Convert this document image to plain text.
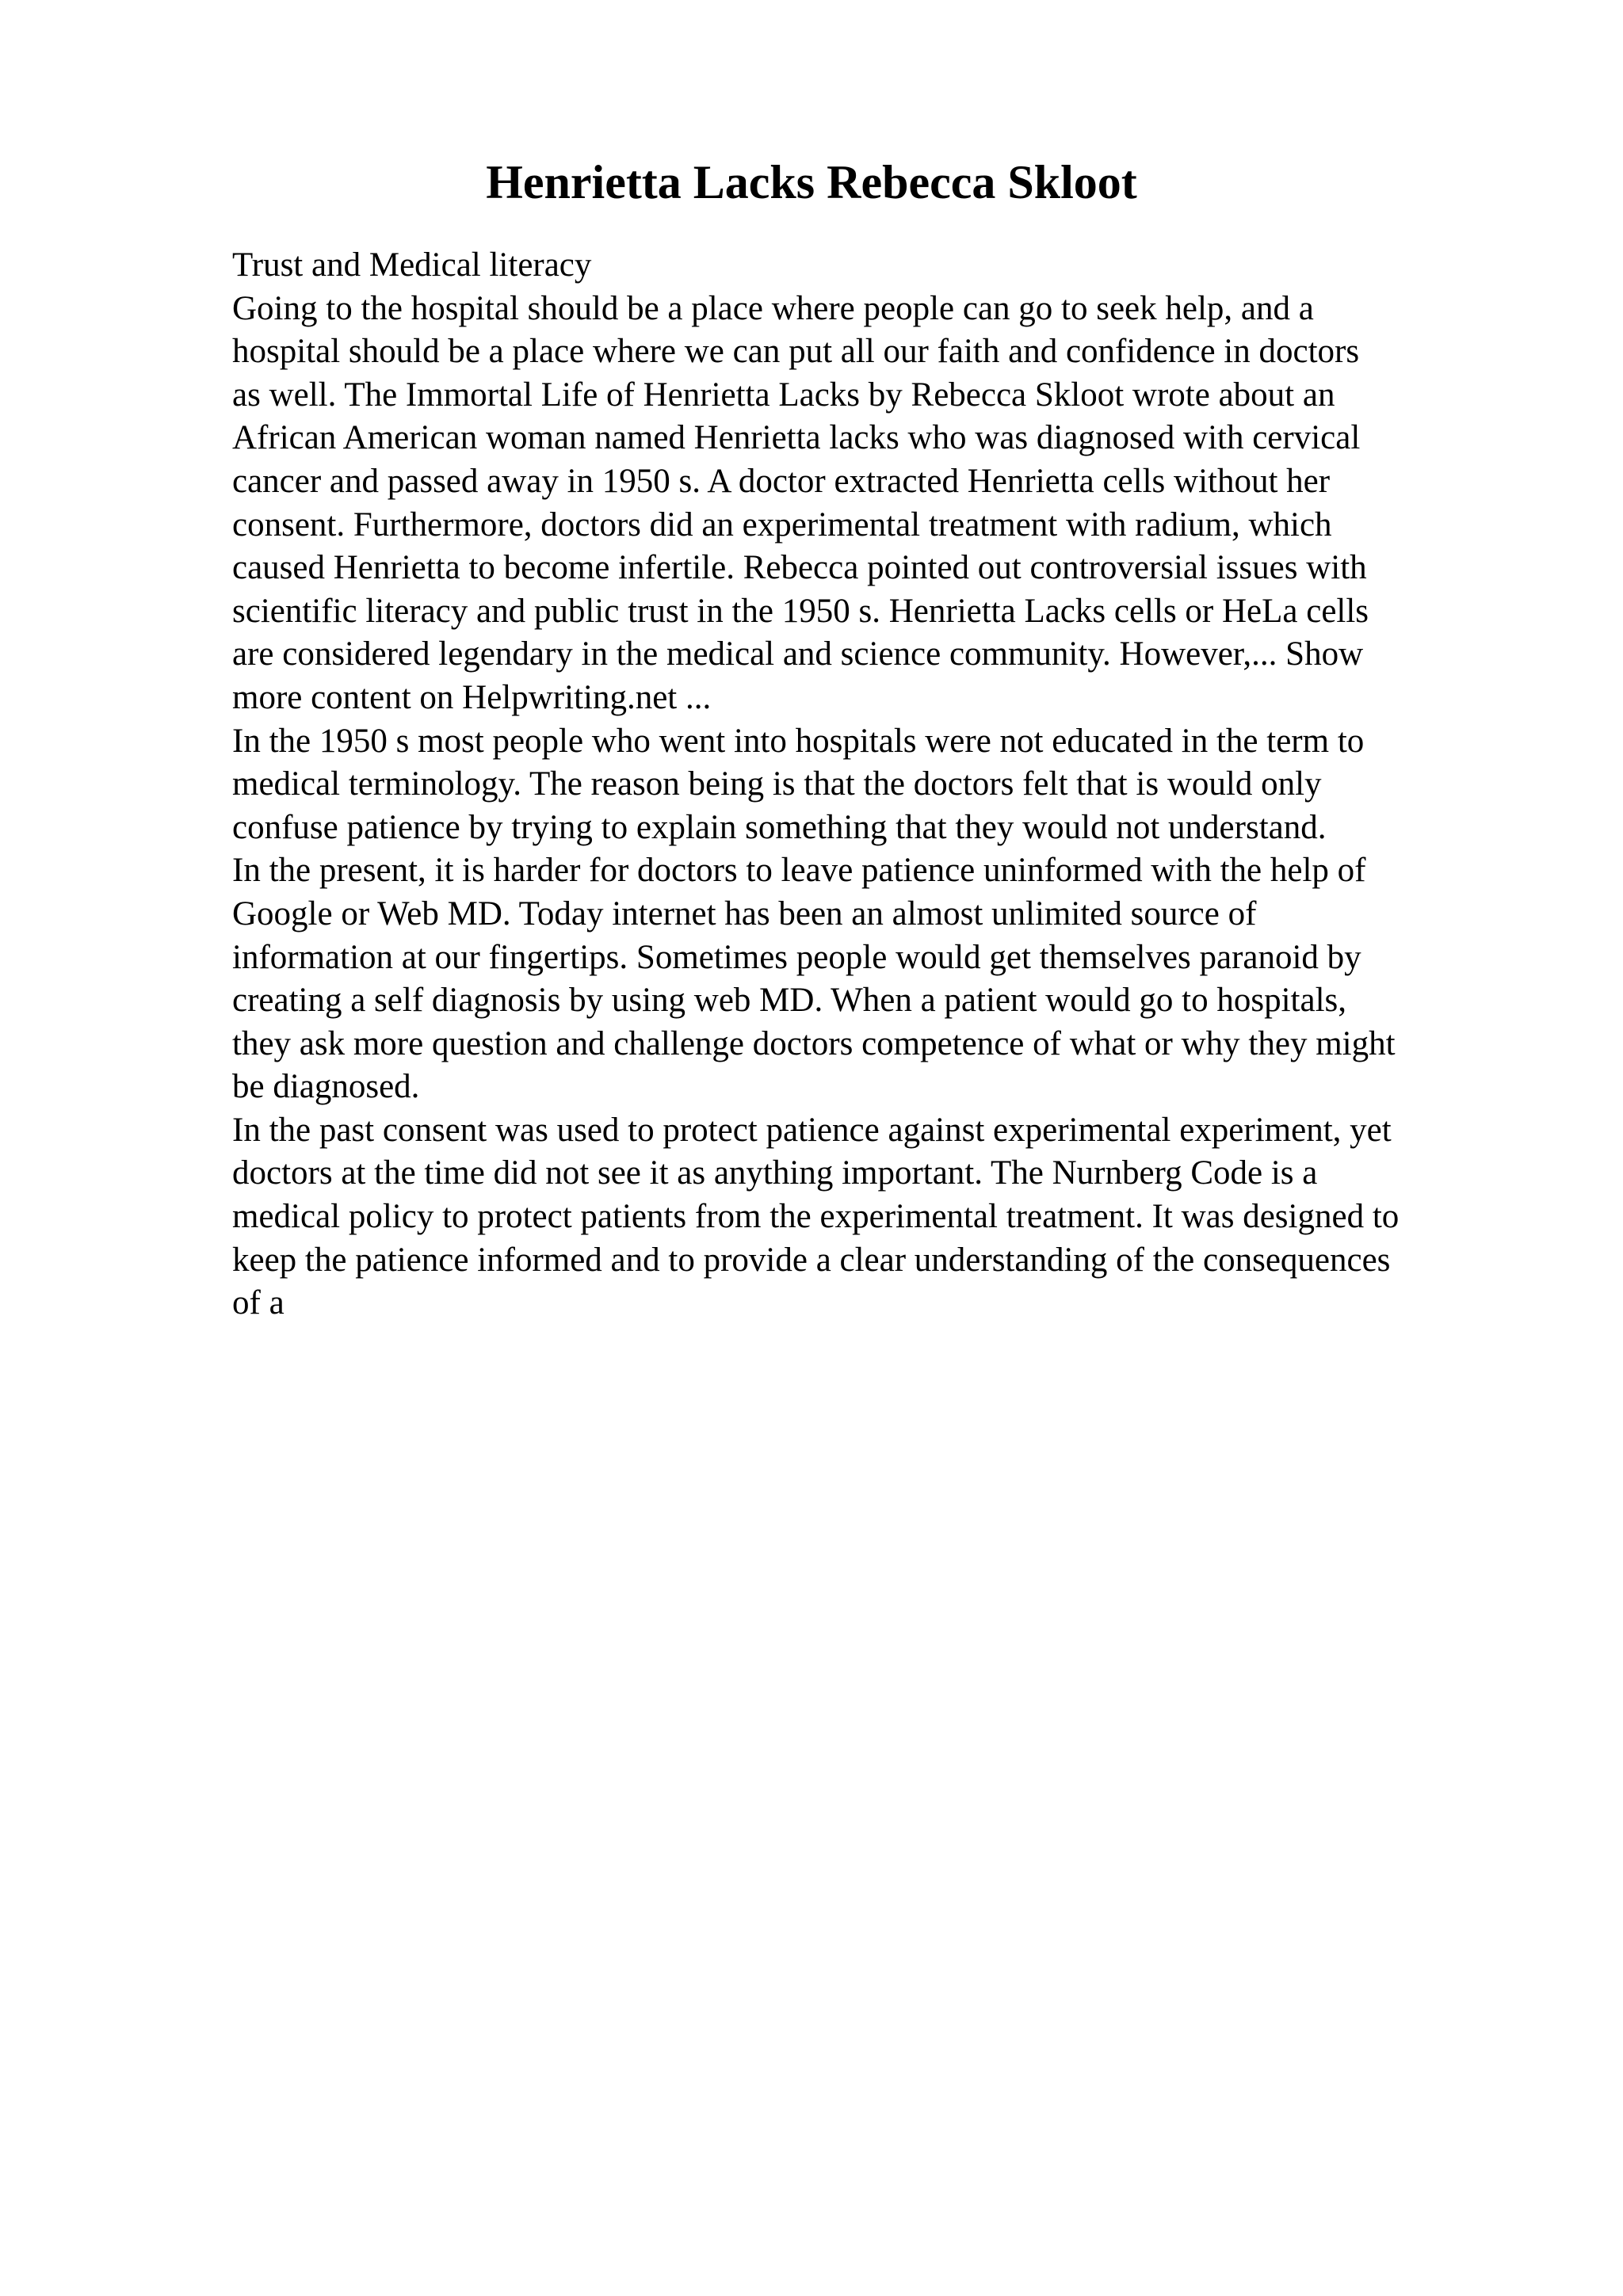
Henrietta Lacks Rebecca Skloot
Trust and Medical literacy
Going to the hospital should be a place where people can go to seek help, and a
hospital should be a place where we can put all our faith and confidence in doctors
as well. The Immortal Life of Henrietta Lacks by Rebecca Skloot wrote about an
African American woman named Henrietta lacks who was diagnosed with cervical
cancer and passed away in 1950 s. A doctor extracted Henrietta cells without her
consent. Furthermore, doctors did an experimental treatment with radium, which
caused Henrietta to become infertile. Rebecca pointed out controversial issues with
scientific literacy and public trust in the 1950 s. Henrietta Lacks cells or HeLa cells
are considered legendary in the medical and science community. However,... Show
more content on Helpwriting.net ...
In the 1950 s most people who went into hospitals were not educated in the term to
medical terminology. The reason being is that the doctors felt that is would only
confuse patience by trying to explain something that they would not understand.
In the present, it is harder for doctors to leave patience uninformed with the help of
Google or Web MD. Today internet has been an almost unlimited source of
information at our fingertips. Sometimes people would get themselves paranoid by
creating a self diagnosis by using web MD. When a patient would go to hospitals,
they ask more question and challenge doctors competence of what or why they might
be diagnosed.
In the past consent was used to protect patience against experimental experiment, yet
doctors at the time did not see it as anything important. The Nurnberg Code is a
medical policy to protect patients from the experimental treatment. It was designed to
keep the patience informed and to provide a clear understanding of the consequences
of a
